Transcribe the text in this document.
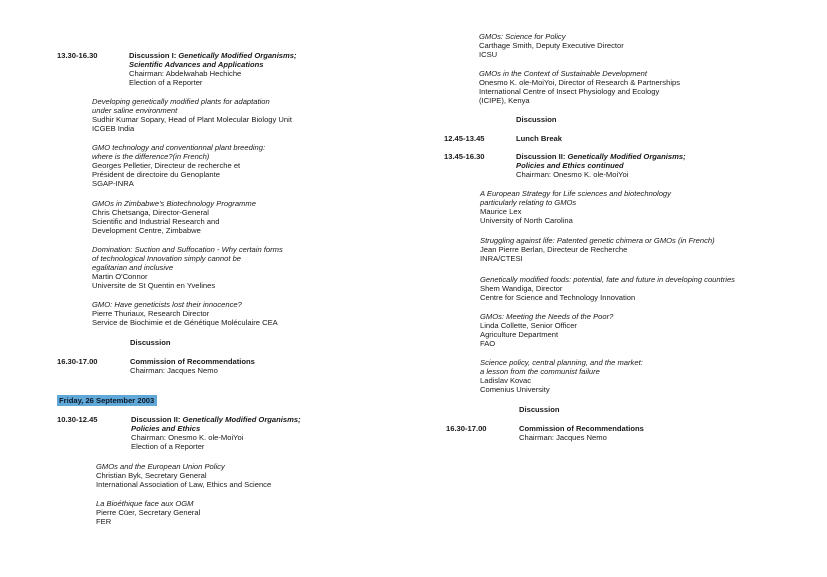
13.30-16.30	Discussion I: Genetically Modified Organisms;
Scientific Advances and Applications
Chairman: Abdelwahab Hechiche
Election of a Reporter
Developing genetically modified plants for adaptation
under saline environment
Sudhir Kumar Sopary, Head of Plant Molecular Biology Unit
ICGEB India
GMO technology and conventionnal plant breeding:
where is the difference?(in French)
Georges Pelletier, Directeur de recherche et
Président de directoire du Genoplante
SGAP-INRA
GMOs in Zimbabwe's Biotechnology Programme
Chris Chetsanga, Director-General
Scientific and Industrial Research and
Development Centre, Zimbabwe
Domination: Suction and Suffocation - Why certain forms
of technological Innovation simply cannot be
egalitarian and inclusive
Martin O'Connor
Universite de St Quentin en Yvelines
GMO: Have geneticists lost their innocence?
Pierre Thuriaux, Research Director
Service de Biochimie et de Génétique Moléculaire CEA
Discussion
16.30-17.00	Commission of Recommendations
Chairman: Jacques Nemo
Friday, 26 September 2003
10.30-12.45	Discussion II: Genetically Modified Organisms;
Policies and Ethics
Chairman: Onesmo K. ole-MoiYoi
Election of a Reporter
GMOs and the European Union Policy
Christian Byk, Secretary General
International Association of Law, Ethics and Science
La Bioéthique face aux OGM
Pierre Cüer, Secretary General
FER
GMOs: Science for Policy
Carthage Smith, Deputy Executive Director
ICSU
GMOs in the Context of Sustainable Development
Onesmo K. ole-MoiYoi, Director of Research & Partnerships
International Centre of Insect Physiology and Ecology
(ICIPE), Kenya
Discussion
12.45-13.45	Lunch Break
13.45-16.30	Discussion II: Genetically Modified Organisms;
Policies and Ethics continued
Chairman: Onesmo K. ole-MoiYoi
A European Strategy for Life sciences and biotechnology
particularly relating to GMOs
Maurice Lex
University of North Carolina
Struggling against life: Patented genetic chimera or GMOs (in French)
Jean Pierre Berlan, Directeur de Recherche
INRA/CTESI
Genetically modified foods: potential, fate and future in developing countries
Shem Wandiga, Director
Centre for Science and Technology Innovation
GMOs: Meeting the Needs of the Poor?
Linda Collette, Senior Officer
Agriculture Department
FAO
Science policy, central planning, and the market:
a lesson from the communist failure
Ladislav Kovac
Comenius University
Discussion
16.30-17.00	Commission of Recommendations
Chairman: Jacques Nemo
